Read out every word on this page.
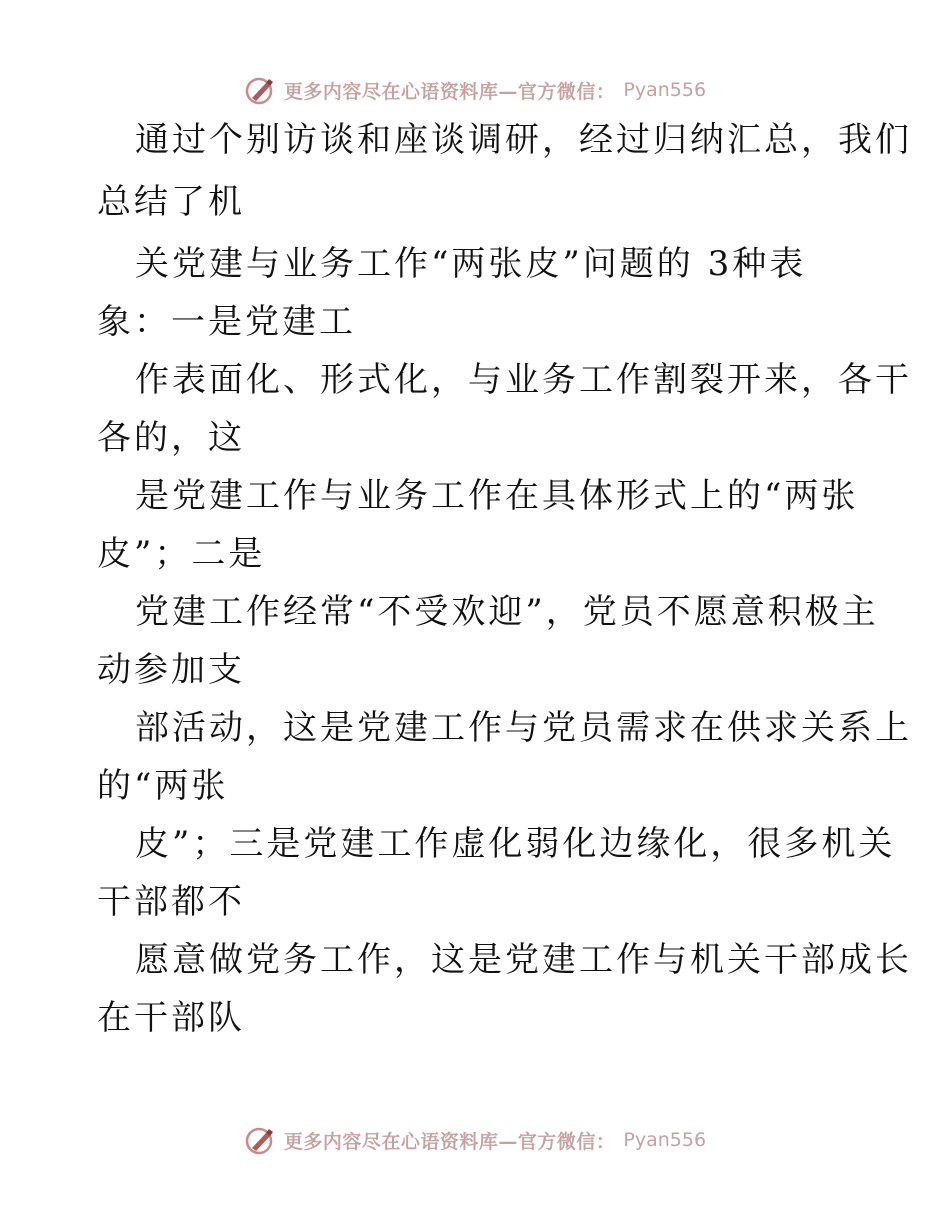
更多内容尽在心语资料库—官方微信： Pyan556
通过个别访谈和座谈调研，经过归纳汇总，我们
总结了机
关党建与业务工作“两张皮”问题的 3种表
象：一是党建工
作表面化、形式化，与业务工作割裂开来，各干
各的，这
是党建工作与业务工作在具体形式上的“两张
皮”；二是
党建工作经常“不受欢迎”，党员不愿意积极主
动参加支
部活动，这是党建工作与党员需求在供求关系上
的“两张
皮”；三是党建工作虚化弱化边缘化，很多机关
干部都不
愿意做党务工作，这是党建工作与机关干部成长
在干部队
更多内容尽在心语资料库—官方微信： Pyan556
